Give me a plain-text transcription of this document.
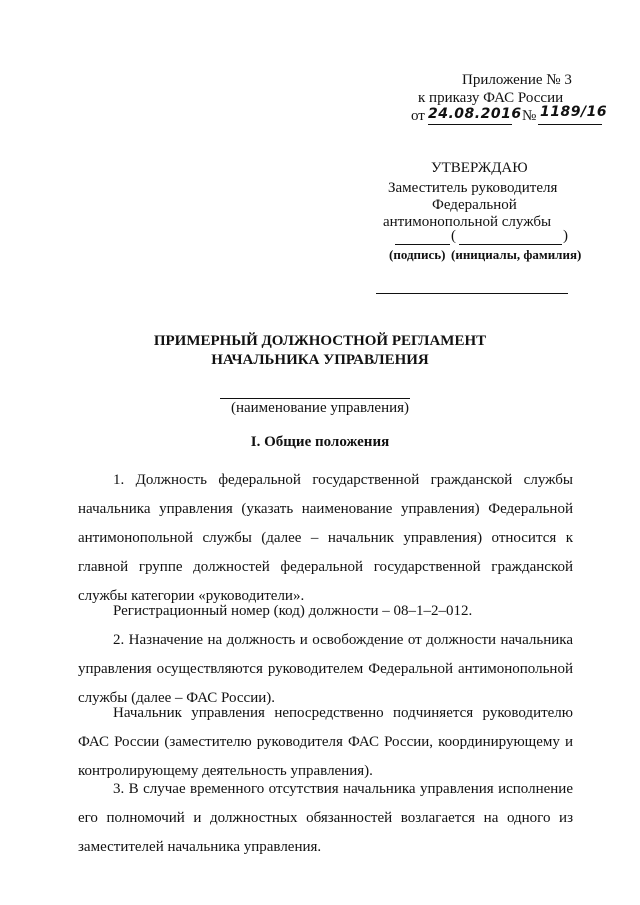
Приложение № 3
к приказу ФАС России
от 24.08.2016 № 1189/16
УТВЕРЖДАЮ
Заместитель руководителя
Федеральной
антимонопольной службы
(	)
(подпись) (инициалы, фамилия)
ПРИМЕРНЫЙ ДОЛЖНОСТНОЙ РЕГЛАМЕНТ
НАЧАЛЬНИКА УПРАВЛЕНИЯ
(наименование управления)
I. Общие положения
1. Должность федеральной государственной гражданской службы начальника управления (указать наименование управления) Федеральной антимонопольной службы (далее – начальник управления) относится к главной группе должностей федеральной государственной гражданской службы категории «руководители».
Регистрационный номер (код) должности – 08–1–2–012.
2. Назначение на должность и освобождение от должности начальника управления осуществляются руководителем Федеральной антимонопольной службы (далее – ФАС России).
Начальник управления непосредственно подчиняется руководителю ФАС России (заместителю руководителя ФАС России, координирующему и контролирующему деятельность управления).
3. В случае временного отсутствия начальника управления исполнение его полномочий и должностных обязанностей возлагается на одного из заместителей начальника управления.
